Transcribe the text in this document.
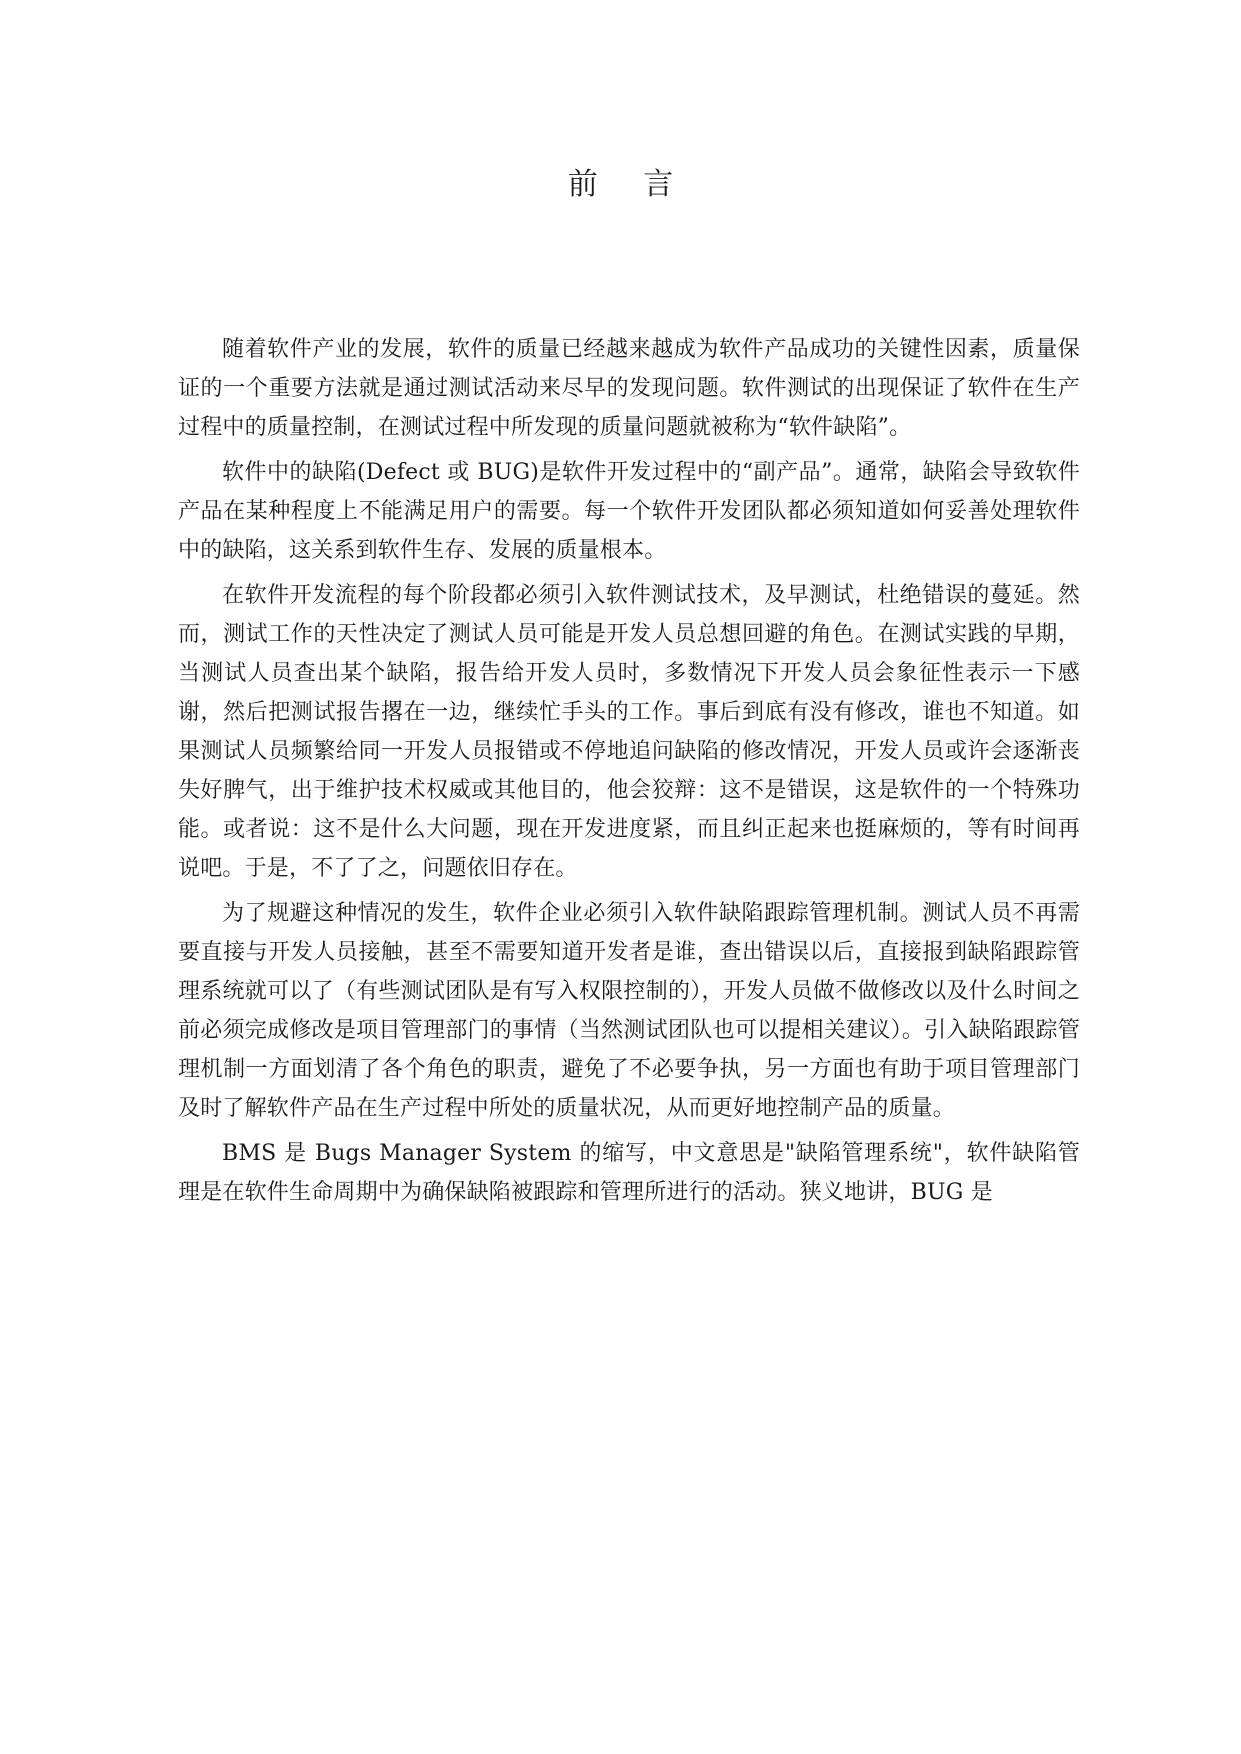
前 言

随着软件产业的发展，软件的质量已经越来越成为软件产品成功的关键性因素，质量保证的一个重要方法就是通过测试活动来尽早的发现问题。软件测试的出现保证了软件在生产过程中的质量控制，在测试过程中所发现的质量问题就被称为“软件缺陷”。

软件中的缺陷(Defect 或 BUG)是软件开发过程中的“副产品”。通常，缺陷会导致软件产品在某种程度上不能满足用户的需要。每一个软件开发团队都必须知道如何妥善处理软件中的缺陷，这关系到软件生存、发展的质量根本。

在软件开发流程的每个阶段都必须引入软件测试技术，及早测试，杜绝错误的蔓延。然而，测试工作的天性决定了测试人员可能是开发人员总想回避的角色。在测试实践的早期，当测试人员查出某个缺陷，报告给开发人员时，多数情况下开发人员会象征性表示一下感谢，然后把测试报告撂在一边，继续忙手头的工作。事后到底有没有修改，谁也不知道。如果测试人员频繁给同一开发人员报错或不停地追问缺陷的修改情况，开发人员或许会逐渐丧失好脾气，出于维护技术权威或其他目的，他会狡辩：这不是错误，这是软件的一个特殊功能。或者说：这不是什么大问题，现在开发进度紧，而且纠正起来也挺麻烦的，等有时间再说吧。于是，不了了之，问题依旧存在。

为了规避这种情况的发生，软件企业必须引入软件缺陷跟踪管理机制。测试人员不再需要直接与开发人员接触，甚至不需要知道开发者是谁，查出错误以后，直接报到缺陷跟踪管理系统就可以了（有些测试团队是有写入权限控制的），开发人员做不做修改以及什么时间之前必须完成修改是项目管理部门的事情（当然测试团队也可以提相关建议）。引入缺陷跟踪管理机制一方面划清了各个角色的职责，避免了不必要争执，另一方面也有助于项目管理部门及时了解软件产品在生产过程中所处的质量状况，从而更好地控制产品的质量。

BMS 是 Bugs Manager System 的缩写，中文意思是"缺陷管理系统"，软件缺陷管理是在软件生命周期中为确保缺陷被跟踪和管理所进行的活动。狭义地讲，BUG 是
